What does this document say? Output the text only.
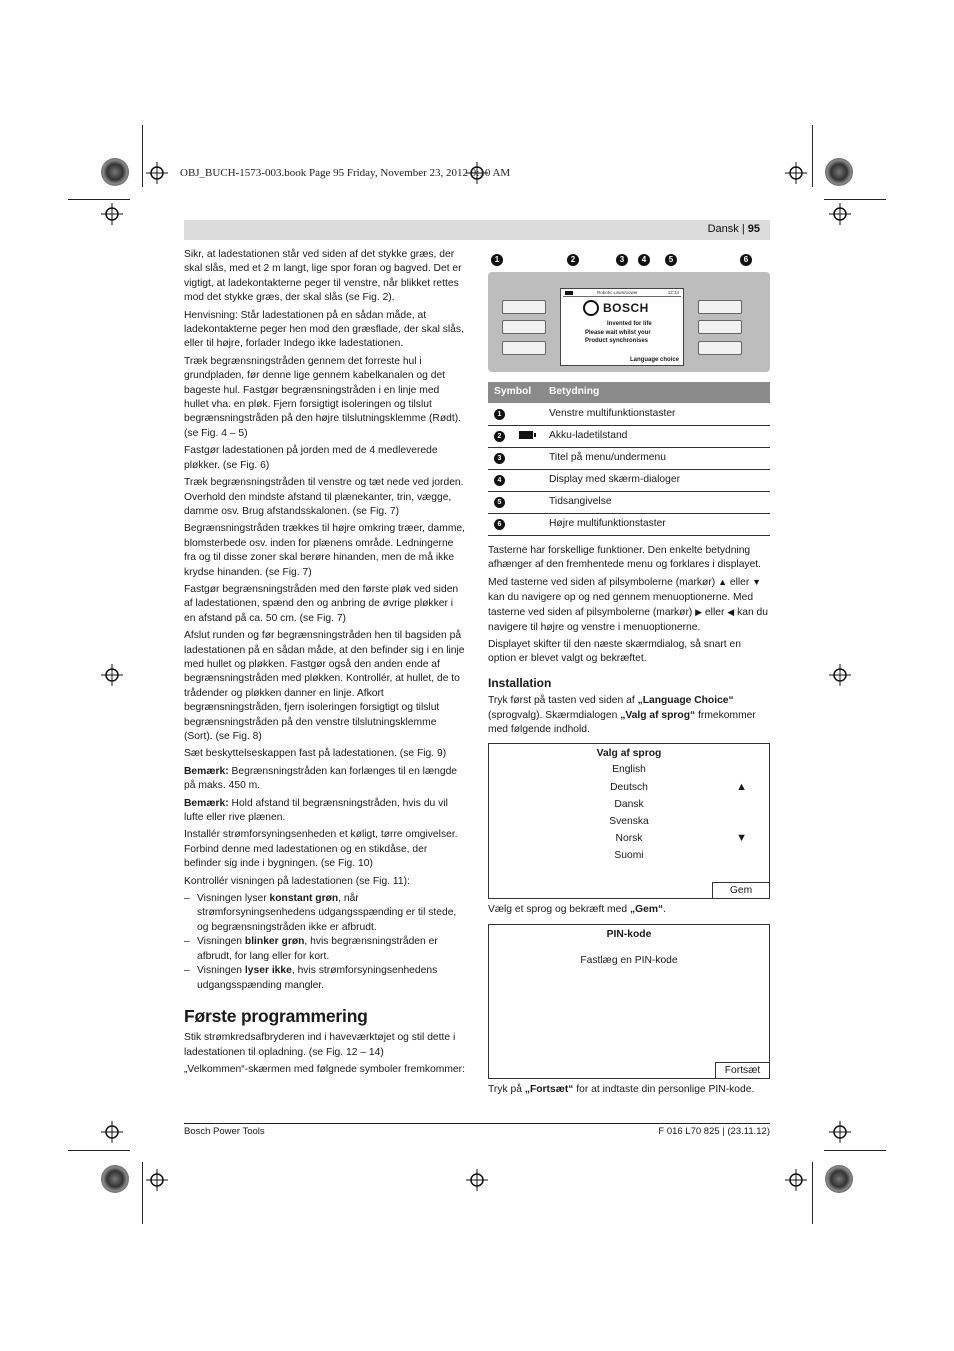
OBJ_BUCH-1573-003.book Page 95 Friday, November 23, 2012 9:10 AM
Dansk | 95

Sikr, at ladestationen står ved siden af det stykke græs, der skal slås, med et 2 m langt, lige spor foran og bagved. Det er vigtigt, at ladekontakterne peger til venstre, når blikket rettes mod det stykke græs, der skal slås (se Fig. 2).

Henvisning: Står ladestationen på en sådan måde, at ladekontakterne peger hen mod den græsflade, der skal slås, eller til højre, forlader Indego ikke ladestationen.

Træk begrænsningstråden gennem det forreste hul i grundpladen, før denne lige gennem kabelkanalen og det bageste hul. Fastgør begrænsningstråden i en linje med hullet vha. en pløk. Fjern forsigtigt isoleringen og tilslut begrænsningstråden på den højre tilslutningsklemme (Rødt). (se Fig. 4 – 5)

Fastgør ladestationen på jorden med de 4 medleverede pløkker. (se Fig. 6)

Træk begrænsningstråden til venstre og tæt nede ved jorden. Overhold den mindste afstand til plænekanter, trin, vægge, damme osv. Brug afstandsskalonen. (se Fig. 7)

Begrænsningstråden trækkes til højre omkring træer, damme, blomsterbede osv. inden for plænens område. Ledningerne fra og til disse zoner skal berøre hinanden, men de må ikke krydse hinanden. (se Fig. 7)

Fastgør begrænsningstråden med den første pløk ved siden af ladestationen, spænd den og anbring de øvrige pløkker i en afstand på ca. 50 cm. (se Fig. 7)

Afslut runden og før begrænsningstråden hen til bagsiden på ladestationen på en sådan måde, at den befinder sig i en linje med hullet og pløkken. Fastgør også den anden ende af begrænsningstråden med pløkken. Kontrollér, at hullet, de to trådender og pløkken danner en linje. Afkort begrænsningstråden, fjern isoleringen forsigtigt og tilslut begrænsningstråden på den venstre tilslutningsklemme (Sort). (se Fig. 8)

Sæt beskyttelseskappen fast på ladestationen. (se Fig. 9)

Bemærk: Begrænsningstråden kan forlænges til en længde på maks. 450 m.

Bemærk: Hold afstand til begrænsningstråden, hvis du vil lufte eller rive plænen.

Installér strømforsyningsenheden et køligt, tørre omgivelser. Forbind denne med ladestationen og en stikdåse, der befinder sig inde i bygningen. (se Fig. 10)

Kontrollér visningen på ladestationen (se Fig. 11):

– Visningen lyser konstant grøn, når strømforsyningsenhedens udgangsspænding er til stede, og begrænsningstråden ikke er afbrudt.
– Visningen blinker grøn, hvis begrænsningstråden er afbrudt, for lang eller for kort.
– Visningen lyser ikke, hvis strømforsyningsenhedens udgangsspænding mangler.
Første programmering

Stik strømkredsafbryderen ind i haveværktøjet og stil dette i ladestationen til opladning. (se Fig. 12 – 14)

„Velkommen“-skærmen med følgnede symboler fremkommer:

1	2	3	4	5	6
Robotic Lawnmower	12:34
BOSCH
Invented for life
Please wait whilst your
Product synchronises
Language choice
Symbol	Betydning
1	Venstre multifunktionstaster
2	Akku-ladetilstand
3	Titel på menu/undermenu
4	Display med skærm-dialoger
5	Tidsangivelse
6	Højre multifunktionstaster

Tasterne har forskellige funktioner. Den enkelte betydning afhænger af den fremhentede menu og forklares i displayet.

Med tasterne ved siden af pilsymbolerne (markør) ▲ eller ▼ kan du navigere op og ned gennem menuoptionerne. Med tasterne ved siden af pilsymbolerne (markør) ▶ eller ◀ kan du navigere til højre og venstre i menuoptionerne.

Displayet skifter til den næste skærmdialog, så snart en option er blevet valgt og bekræftet.

Installation

Tryk først på tasten ved siden af „Language Choice“ (sprogvalg). Skærmdialogen „Valg af sprog“ frmekommer med følgende indhold.

Valg af sprog
English
Deutsch
Dansk
Svenska
Norsk
Suomi
▲
▼
Gem

Vælg et sprog og bekræft med „Gem“.

PIN-kode
Fastlæg en PIN-kode
Fortsæt

Tryk på „Fortsæt“ for at indtaste din personlige PIN-kode.

Bosch Power Tools	F 016 L70 825 | (23.11.12)
